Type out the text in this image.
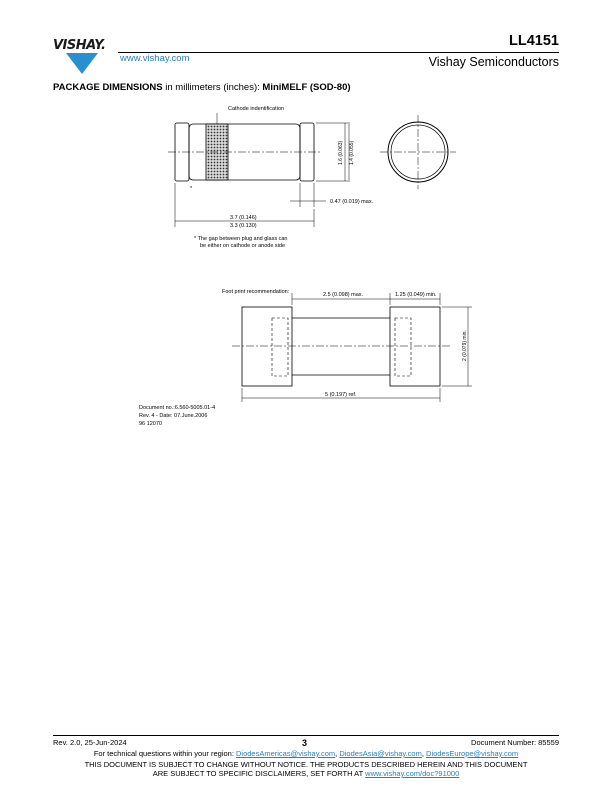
VISHAY.
www.vishay.com
LL4151
Vishay Semiconductors
PACKAGE DIMENSIONS in millimeters (inches): MiniMELF (SOD-80)
Cathode indentification
1.6 (0.063) 1.4 (0.055)
0.47 (0.019) max.
3.7 (0.146)
3.3 (0.130)
*
* The gap between plug and glass can
be either on cathode or anode side
Foot print recommendation:	2.5 (0.098) max.	1.25 (0.049) min.
2 (0.079) min.
5 (0.197) ref.
Document no.:6.560-5005.01-4
Rev. 4 - Date: 07.June.2006
96 12070
Rev. 2.0, 25-Jun-2024	3	Document Number: 85559
For technical questions within your region: DiodesAmericas@vishay.com, DiodesAsia@vishay.com, DiodesEurope@vishay.com
THIS DOCUMENT IS SUBJECT TO CHANGE WITHOUT NOTICE. THE PRODUCTS DESCRIBED HEREIN AND THIS DOCUMENT
ARE SUBJECT TO SPECIFIC DISCLAIMERS, SET FORTH AT www.vishay.com/doc?91000
